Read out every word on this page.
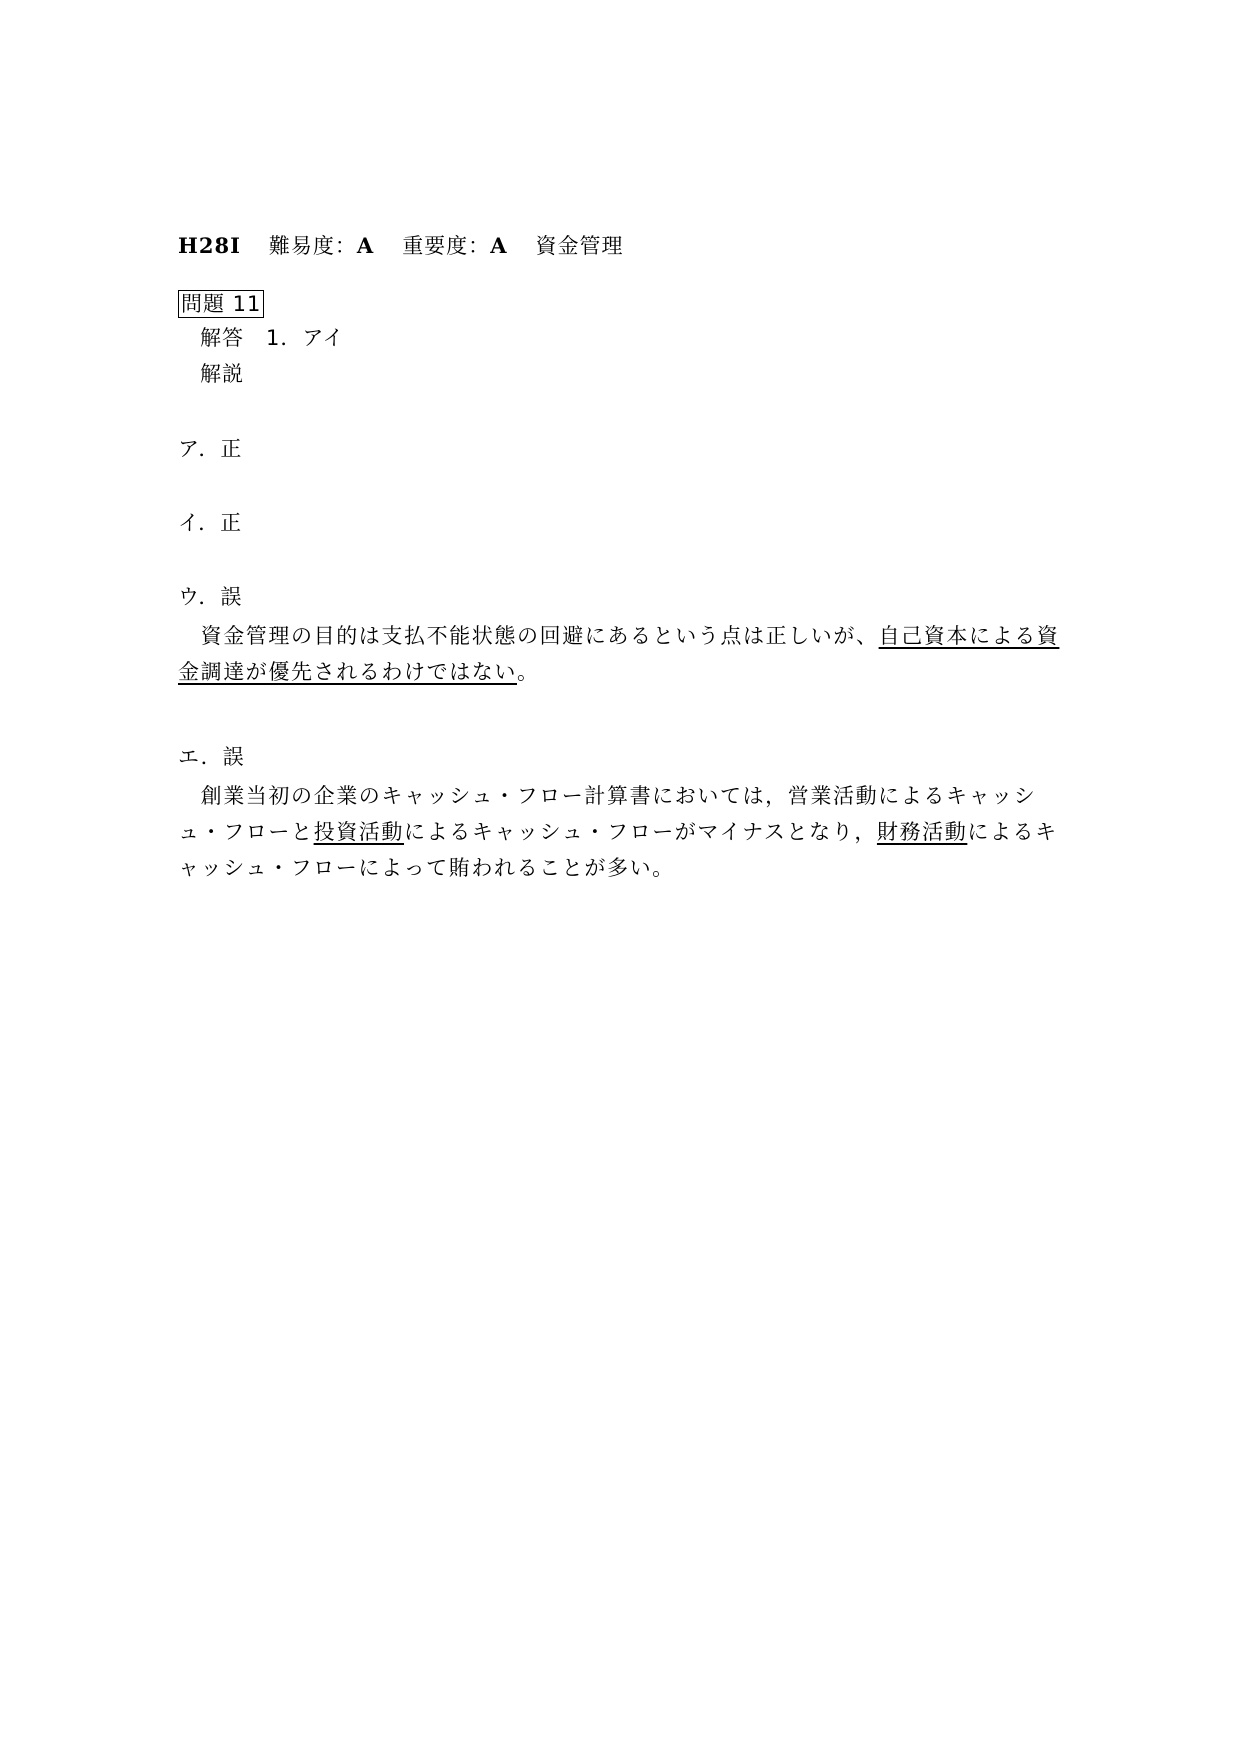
H28Ⅰ 難易度：A 重要度：A 資金管理
問題 11
解答 1．アイ
解説
ア．正
イ．正
ウ．誤
　資金管理の目的は支払不能状態の回避にあるという点は正しいが、自己資本による資金調達が優先されるわけではない。
エ．誤
　創業当初の企業のキャッシュ・フロー計算書においては，営業活動によるキャッシュ・フローと投資活動によるキャッシュ・フローがマイナスとなり，財務活動によるキャッシュ・フローによって賄われることが多い。
